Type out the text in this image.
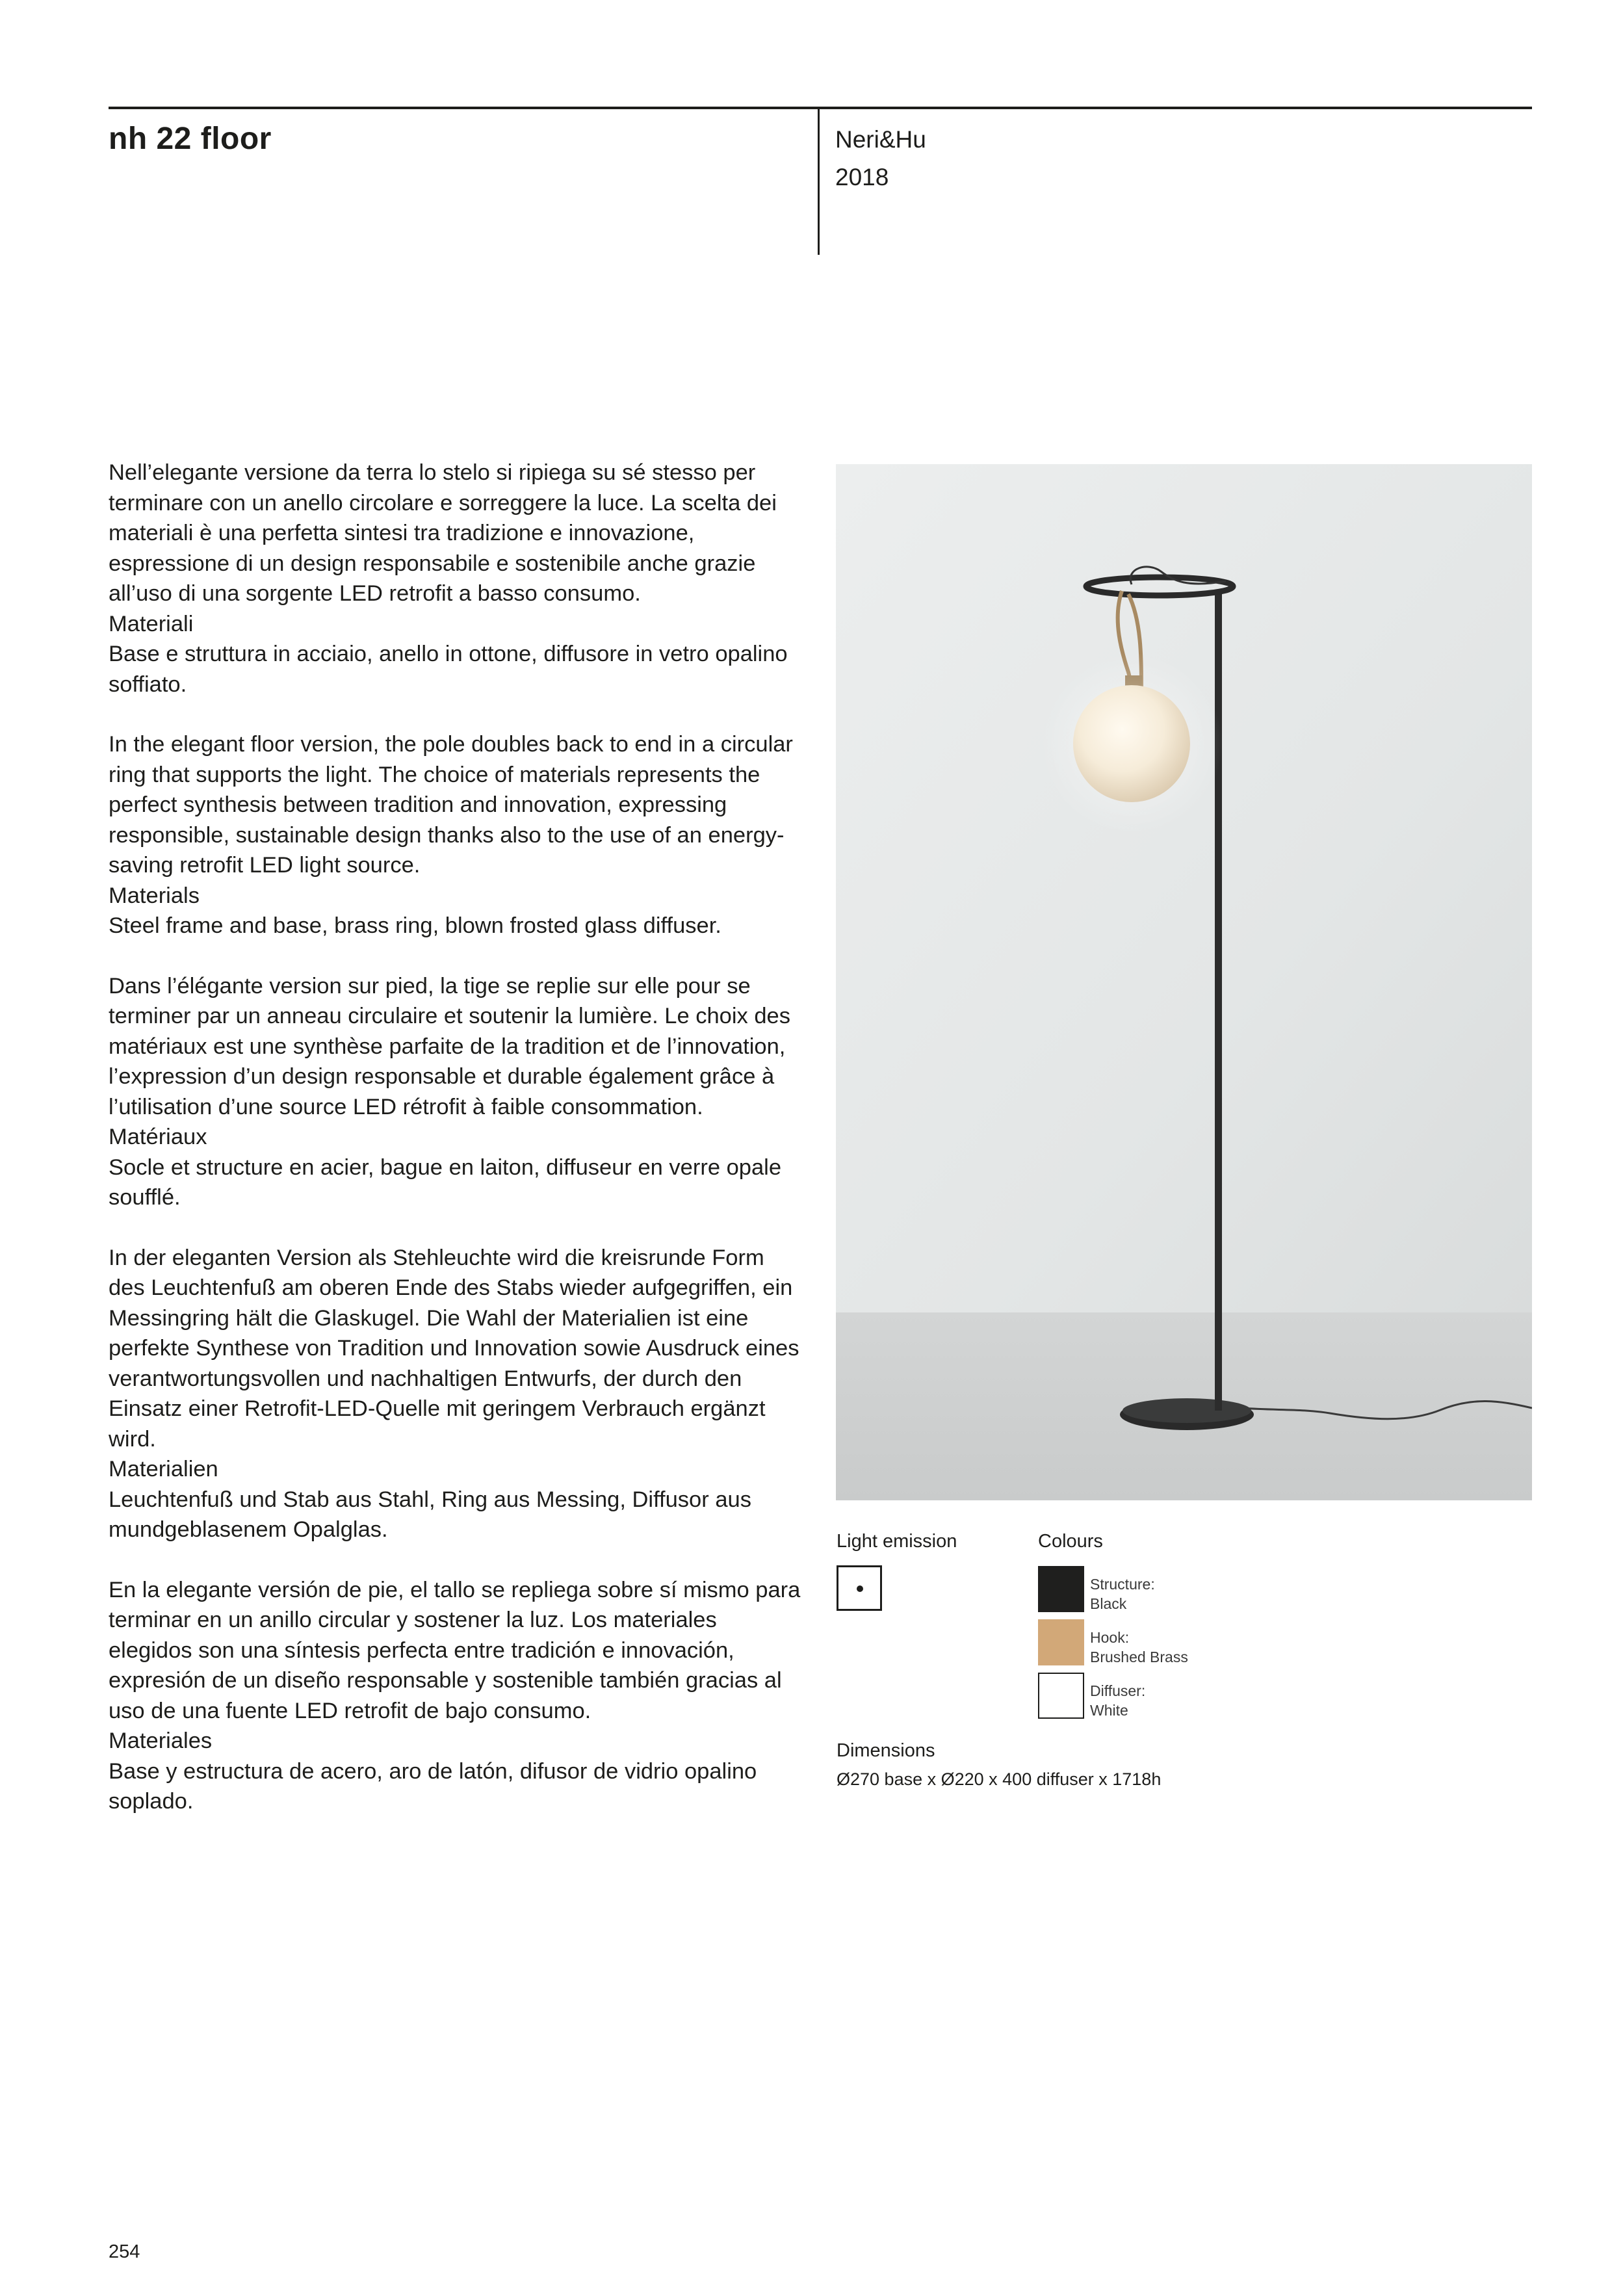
nh 22 floor	Neri&Hu
2018

Nell’elegante versione da terra lo stelo si ripiega su sé stesso per terminare con un anello circolare e sorreggere la luce. La scelta dei materiali è una perfetta sintesi tra tradizione e innovazione, espressione di un design responsabile e sostenibile anche grazie all’uso di una sorgente LED retrofit a basso consumo.

Materiali

Base e struttura in acciaio, anello in ottone, diffusore in vetro opalino soffiato.

In the elegant floor version, the pole doubles back to end in a circular ring that supports the light. The choice of materials represents the perfect synthesis between tradition and innovation, expressing responsible, sustainable design thanks also to the use of an energy-saving retrofit LED light source.

Materials

Steel frame and base, brass ring, blown frosted glass diffuser.

Dans l’élégante version sur pied, la tige se replie sur elle pour se terminer par un anneau circulaire et soutenir la lumière. Le choix des matériaux est une synthèse parfaite de la tradition et de l’innovation, l’expression d’un design responsable et durable également grâce à l’utilisation d’une source LED rétrofit à faible consommation.

Matériaux

Socle et structure en acier, bague en laiton, diffuseur en verre opale soufflé.

In der eleganten Version als Stehleuchte wird die kreisrunde Form des Leuchtenfuß am oberen Ende des Stabs wieder aufgegriffen, ein Messingring hält die Glaskugel. Die Wahl der Materialien ist eine perfekte Synthese von Tradition und Innovation sowie Ausdruck eines verantwortungsvollen und nachhaltigen Entwurfs, der durch den Einsatz einer Retrofit-LED-Quelle mit geringem Verbrauch ergänzt wird.

Materialien

Leuchtenfuß und Stab aus Stahl, Ring aus Messing, Diffusor aus mundgeblasenem Opalglas.

En la elegante versión de pie, el tallo se repliega sobre sí mismo para terminar en un anillo circular y sostener la luz. Los materiales elegidos son una síntesis perfecta entre tradición e innovación, expresión de un diseño responsable y sostenible también gracias al uso de una fuente LED retrofit de bajo consumo.

Materiales

Base y estructura de acero, aro de latón, difusor de vidrio opalino soplado.

Light emission	Colours
Structure:
Black
Hook:
Brushed Brass
Diffuser:
White
Dimensions
Ø270 base x Ø220 x 400 diffuser x 1718h
254
